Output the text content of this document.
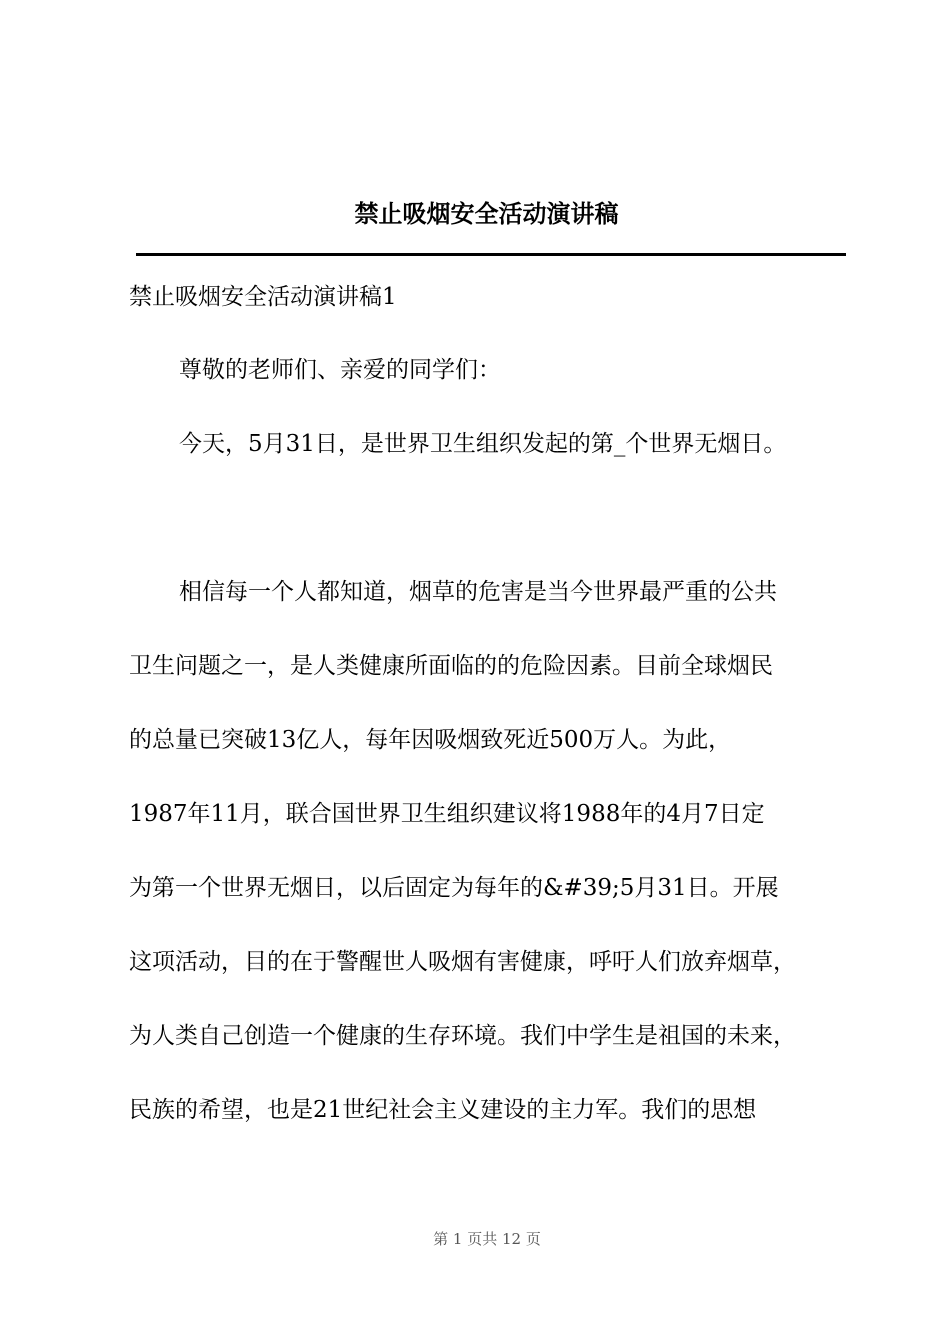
禁止吸烟安全活动演讲稿
禁止吸烟安全活动演讲稿1
尊敬的老师们、亲爱的同学们：
今天，5月31日，是世界卫生组织发起的第_个世界无烟日。
相信每一个人都知道，烟草的危害是当今世界最严重的公共
卫生问题之一，是人类健康所面临的的危险因素。目前全球烟民
的总量已突破13亿人，每年因吸烟致死近500万人。为此，
1987年11月，联合国世界卫生组织建议将1988年的4月7日定
为第一个世界无烟日，以后固定为每年的&#39;5月31日。开展
这项活动，目的在于警醒世人吸烟有害健康，呼吁人们放弃烟草，
为人类自己创造一个健康的生存环境。我们中学生是祖国的未来，
民族的希望，也是21世纪社会主义建设的主力军。我们的思想
第 1 页共 12 页
